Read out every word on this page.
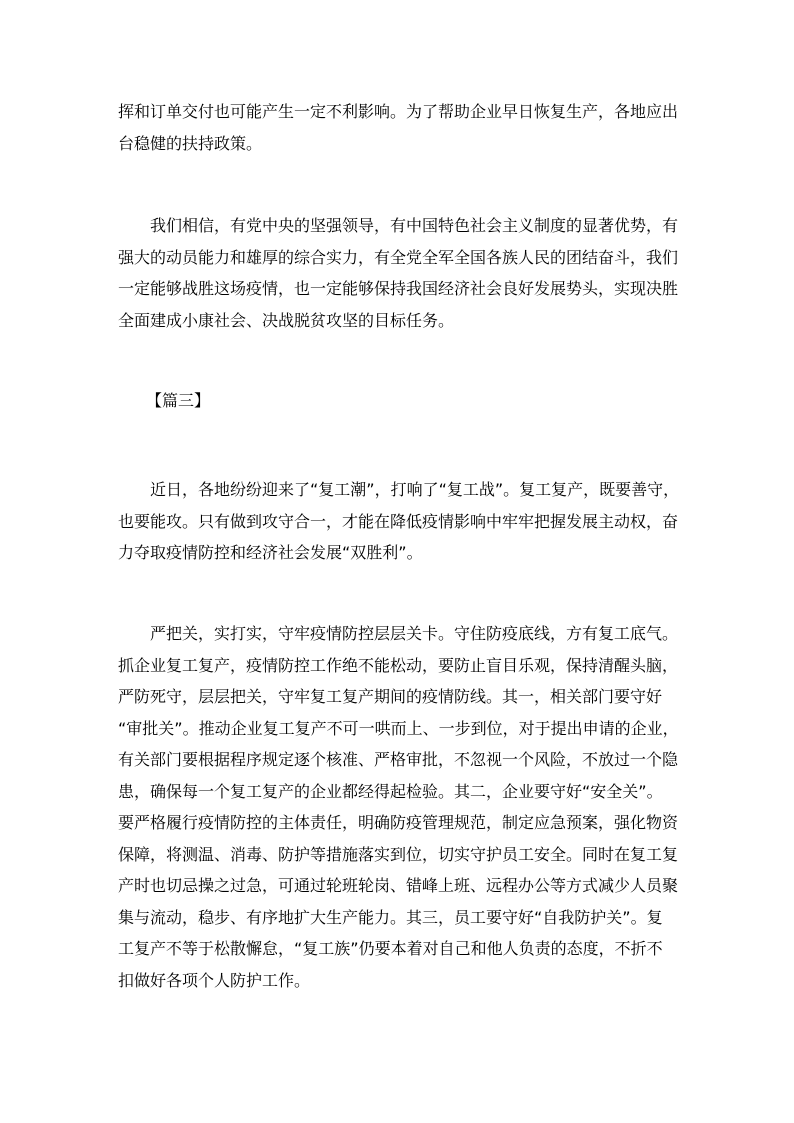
挥和订单交付也可能产生一定不利影响。为了帮助企业早日恢复生产，各地应出
台稳健的扶持政策。
　　我们相信，有党中央的坚强领导，有中国特色社会主义制度的显著优势，有
强大的动员能力和雄厚的综合实力，有全党全军全国各族人民的团结奋斗，我们
一定能够战胜这场疫情，也一定能够保持我国经济社会良好发展势头，实现决胜
全面建成小康社会、决战脱贫攻坚的目标任务。
【篇三】
　　近日，各地纷纷迎来了“复工潮”，打响了“复工战”。复工复产，既要善守，
也要能攻。只有做到攻守合一，才能在降低疫情影响中牢牢把握发展主动权，奋
力夺取疫情防控和经济社会发展“双胜利”。
　　严把关，实打实，守牢疫情防控层层关卡。守住防疫底线，方有复工底气。
抓企业复工复产，疫情防控工作绝不能松动，要防止盲目乐观，保持清醒头脑，
严防死守，层层把关，守牢复工复产期间的疫情防线。其一，相关部门要守好
“审批关”。推动企业复工复产不可一哄而上、一步到位，对于提出申请的企业，
有关部门要根据程序规定逐个核准、严格审批，不忽视一个风险，不放过一个隐
患，确保每一个复工复产的企业都经得起检验。其二，企业要守好“安全关”。
要严格履行疫情防控的主体责任，明确防疫管理规范，制定应急预案，强化物资
保障，将测温、消毒、防护等措施落实到位，切实守护员工安全。同时在复工复
产时也切忌操之过急，可通过轮班轮岗、错峰上班、远程办公等方式减少人员聚
集与流动，稳步、有序地扩大生产能力。其三，员工要守好“自我防护关”。复
工复产不等于松散懈怠，“复工族”仍要本着对自己和他人负责的态度，不折不
扣做好各项个人防护工作。
